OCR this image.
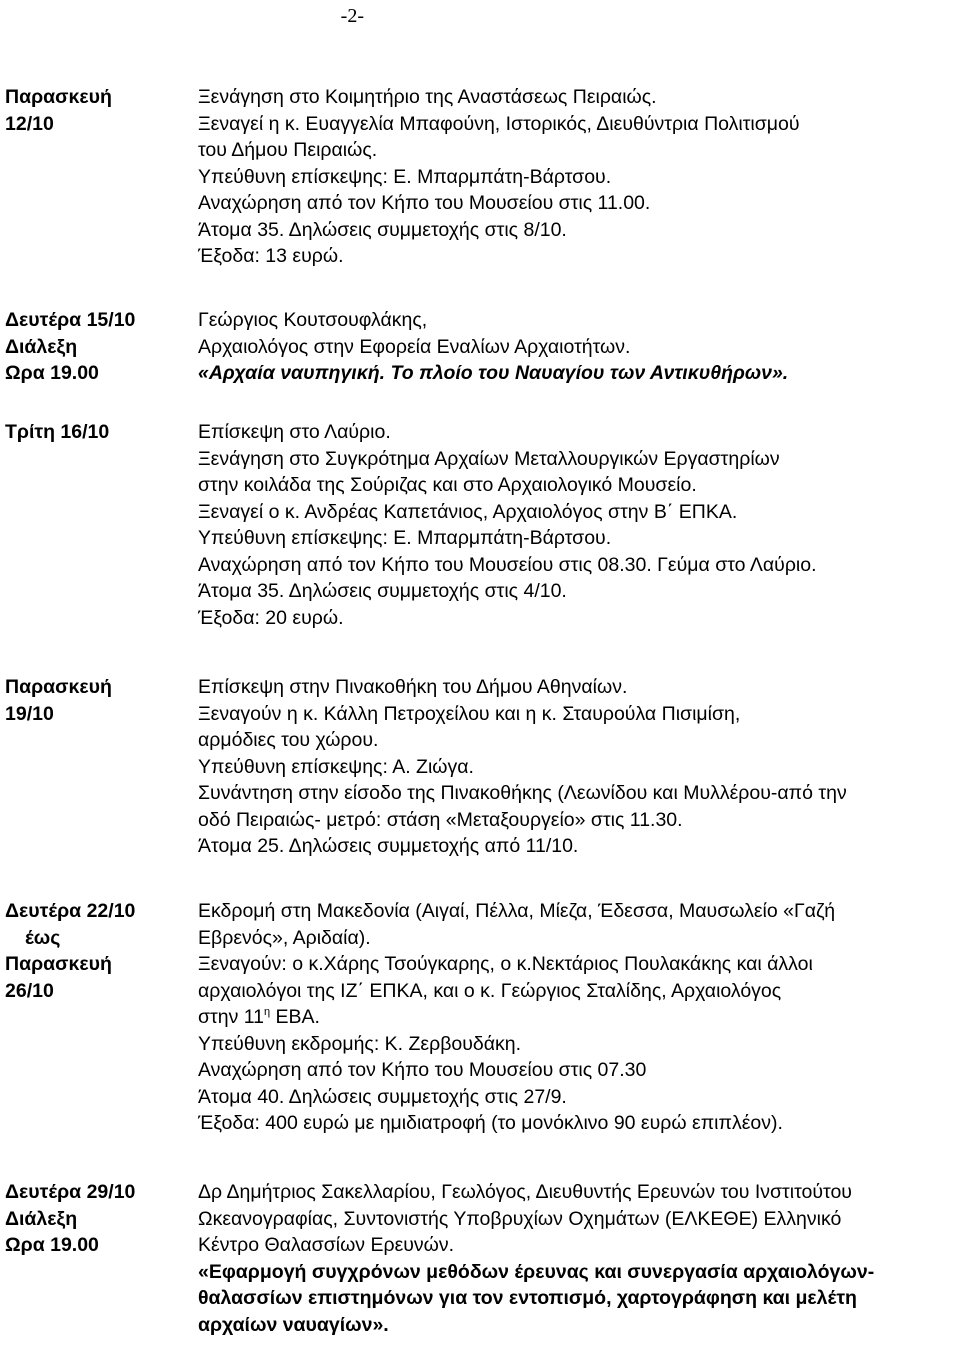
-2-
Παρασκευή
12/10
Ξενάγηση στο Κοιμητήριο της Αναστάσεως Πειραιώς.
Ξεναγεί η κ. Ευαγγελία Μπαφούνη, Ιστορικός, Διευθύντρια Πολιτισμού
του Δήμου Πειραιώς.
Υπεύθυνη επίσκεψης: Ε. Μπαρμπάτη-Βάρτσου.
Αναχώρηση από τον Κήπο του Μουσείου στις 11.00.
Άτομα 35. Δηλώσεις συμμετοχής στις 8/10.
Έξοδα: 13 ευρώ.
Δευτέρα 15/10
Διάλεξη
Ωρα 19.00
Γεώργιος Κουτσουφλάκης,
Αρχαιολόγος στην Εφορεία Εναλίων Αρχαιοτήτων.
«Αρχαία ναυπηγική. Το πλοίο του Ναυαγίου των Αντικυθήρων».
Τρίτη 16/10	Επίσκεψη στο Λαύριο.
Ξενάγηση στο Συγκρότημα Αρχαίων Μεταλλουργικών Εργαστηρίων
στην κοιλάδα της Σούριζας και στο Αρχαιολογικό Μουσείο.
Ξεναγεί ο κ. Ανδρέας Καπετάνιος, Αρχαιολόγος στην Β΄ ΕΠΚΑ.
Υπεύθυνη επίσκεψης: Ε. Μπαρμπάτη-Βάρτσου.
Αναχώρηση από τον Κήπο του Μουσείου στις 08.30. Γεύμα στο Λαύριο.
Άτομα 35. Δηλώσεις συμμετοχής στις 4/10.
Έξοδα: 20 ευρώ.
Παρασκευή
19/10
Επίσκεψη στην Πινακοθήκη του Δήμου Αθηναίων.
Ξεναγούν η κ. Κάλλη Πετροχείλου και η κ. Σταυρούλα Πισιμίση,
αρμόδιες του χώρου.
Υπεύθυνη επίσκεψης: Α. Ζιώγα.
Συνάντηση στην είσοδο της Πινακοθήκης (Λεωνίδου και Μυλλέρου-από την
οδό Πειραιώς- μετρό: στάση «Μεταξουργείο» στις 11.30.
Άτομα 25. Δηλώσεις συμμετοχής από 11/10.
Δευτέρα 22/10
έως
Παρασκευή
26/10
Εκδρομή στη Μακεδονία (Αιγαί, Πέλλα, Μίεζα, Έδεσσα, Μαυσωλείο «Γαζή
Εβρενός», Αριδαία).
Ξεναγούν: ο κ.Χάρης Τσούγκαρης, ο κ.Νεκτάριος Πουλακάκης και άλλοι
αρχαιολόγοι της ΙΖ΄ ΕΠΚΑ, και ο κ. Γεώργιος Σταλίδης, Αρχαιολόγος
στην $11^\eta$ ΕΒΑ.
Υπεύθυνη εκδρομής: Κ. Ζερβουδάκη.
Αναχώρηση από τον Κήπο του Μουσείου στις 07.30
Άτομα 40. Δηλώσεις συμμετοχής στις 27/9.
Έξοδα: 400 ευρώ με ημιδιατροφή (το μονόκλινο 90 ευρώ επιπλέον).
Δευτέρα 29/10
Διάλεξη
Ωρα 19.00
Δρ Δημήτριος Σακελλαρίου, Γεωλόγος, Διευθυντής Ερευνών του Ινστιτούτου
Ωκεανογραφίας, Συντονιστής Υποβρυχίων Οχημάτων (ΕΛΚΕΘΕ) Ελληνικό
Κέντρο Θαλασσίων Ερευνών.
«Εφαρμογή συγχρόνων μεθόδων έρευνας και συνεργασία αρχαιολόγων-
θαλασσίων επιστημόνων για τον εντοπισμό, χαρτογράφηση και μελέτη
αρχαίων ναυαγίων».
